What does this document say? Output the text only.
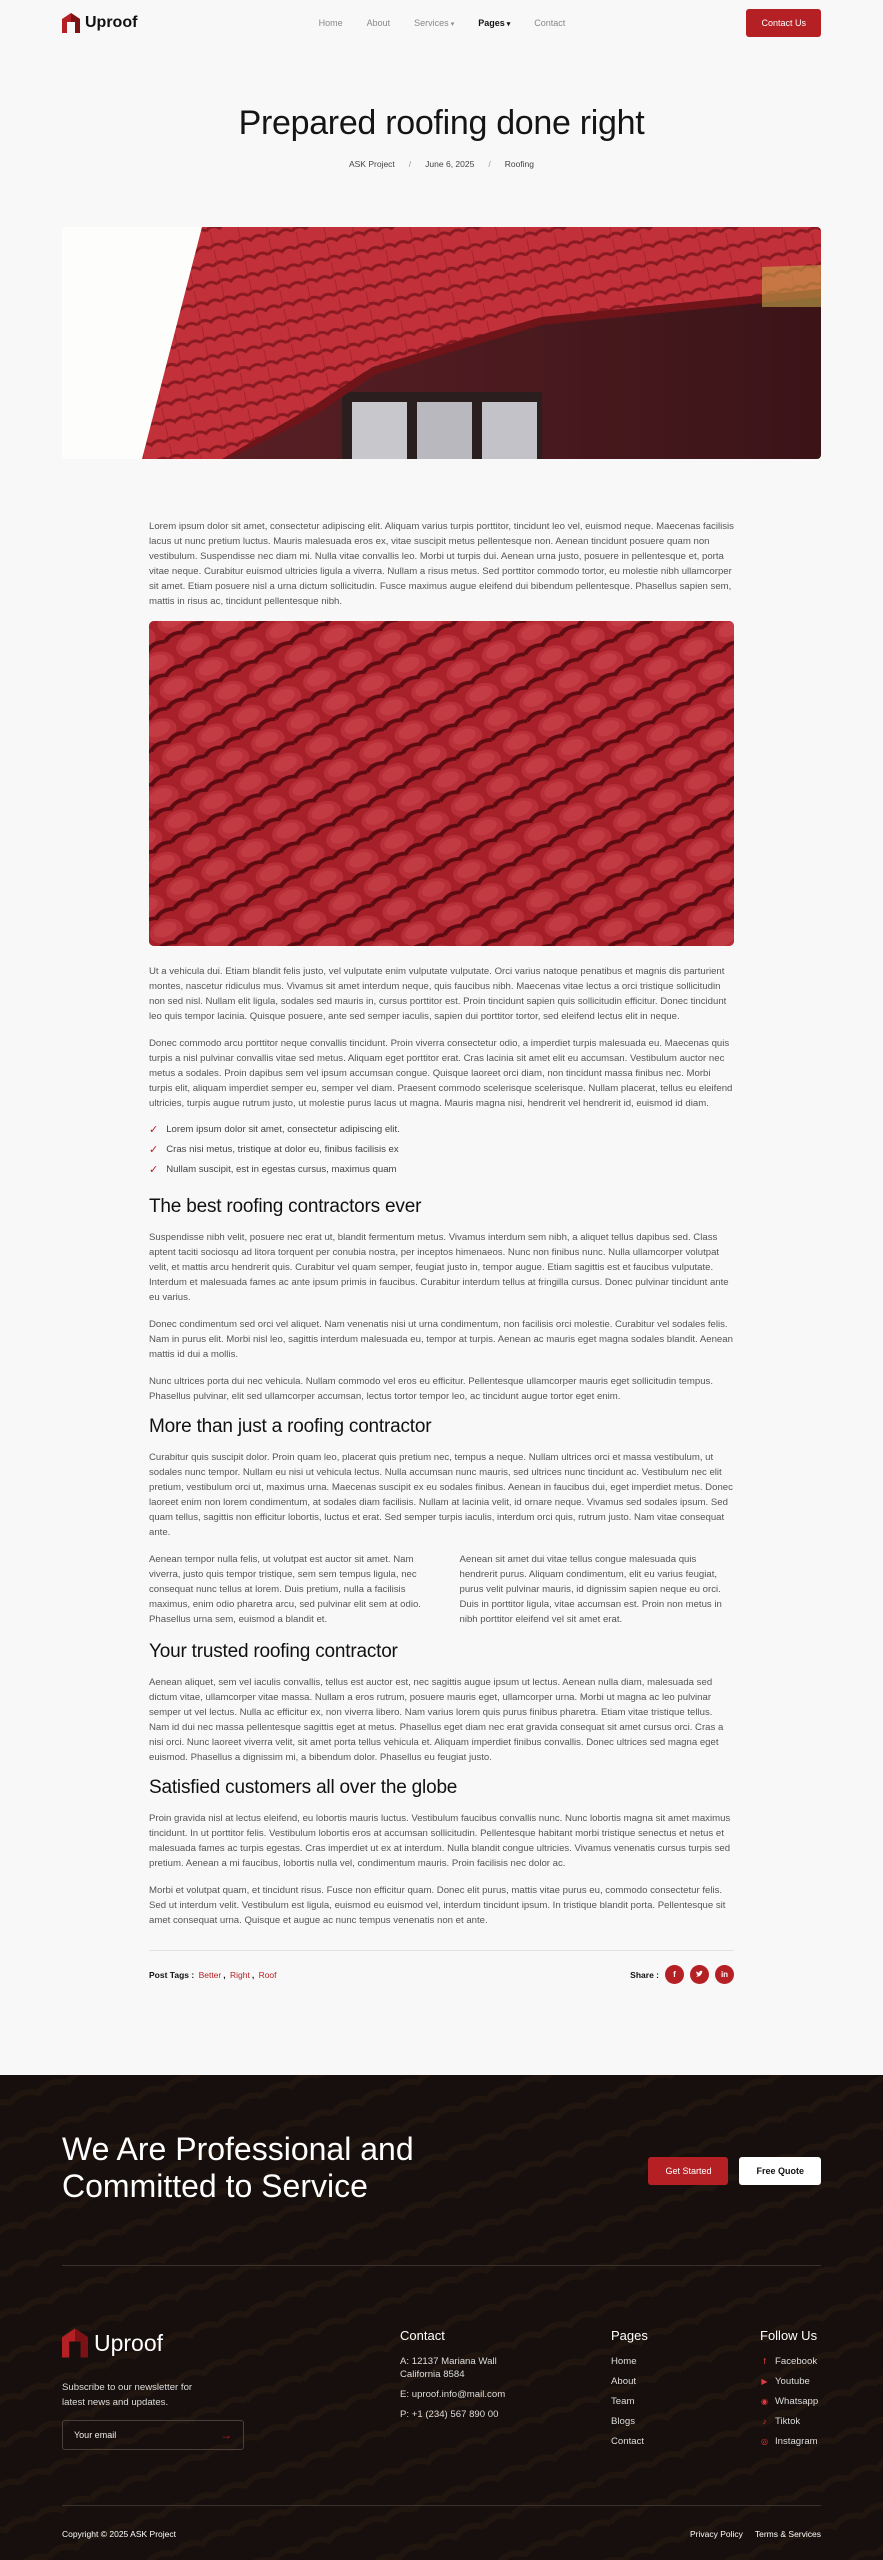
Uproof	Home	About	Services ▾	Pages ▾	Contact	Contact Us
Prepared roofing done right
ASK Project / June 6, 2025 / Roofing

Lorem ipsum dolor sit amet, consectetur adipiscing elit. Aliquam varius turpis porttitor, tincidunt leo vel, euismod neque. Maecenas facilisis lacus ut nunc pretium luctus. Mauris malesuada eros ex, vitae suscipit metus pellentesque non. Aenean tincidunt posuere quam non vestibulum. Suspendisse nec diam mi. Nulla vitae convallis leo. Morbi ut turpis dui. Aenean urna justo, posuere in pellentesque et, porta vitae neque. Curabitur euismod ultricies ligula a viverra. Nullam a risus metus. Sed porttitor commodo tortor, eu molestie nibh ullamcorper sit amet. Etiam posuere nisl a urna dictum sollicitudin. Fusce maximus augue eleifend dui bibendum pellentesque. Phasellus sapien sem, mattis in risus ac, tincidunt pellentesque nibh.

Ut a vehicula dui. Etiam blandit felis justo, vel vulputate enim vulputate vulputate. Orci varius natoque penatibus et magnis dis parturient montes, nascetur ridiculus mus. Vivamus sit amet interdum neque, quis faucibus nibh. Maecenas vitae lectus a orci tristique sollicitudin non sed nisl. Nullam elit ligula, sodales sed mauris in, cursus porttitor est. Proin tincidunt sapien quis sollicitudin efficitur. Donec tincidunt leo quis tempor lacinia. Quisque posuere, ante sed semper iaculis, sapien dui porttitor tortor, sed eleifend lectus elit in neque.

Donec commodo arcu porttitor neque convallis tincidunt. Proin viverra consectetur odio, a imperdiet turpis malesuada eu. Maecenas quis turpis a nisl pulvinar convallis vitae sed metus. Aliquam eget porttitor erat. Cras lacinia sit amet elit eu accumsan. Vestibulum auctor nec metus a sodales. Proin dapibus sem vel ipsum accumsan congue. Quisque laoreet orci diam, non tincidunt massa finibus nec. Morbi turpis elit, aliquam imperdiet semper eu, semper vel diam. Praesent commodo scelerisque scelerisque. Nullam placerat, tellus eu eleifend ultricies, turpis augue rutrum justo, ut molestie purus lacus ut magna. Mauris magna nisi, hendrerit vel hendrerit id, euismod id diam.

✓ Lorem ipsum dolor sit amet, consectetur adipiscing elit.
✓ Cras nisi metus, tristique at dolor eu, finibus facilisis ex
✓ Nullam suscipit, est in egestas cursus, maximus quam
The best roofing contractors ever

Suspendisse nibh velit, posuere nec erat ut, blandit fermentum metus. Vivamus interdum sem nibh, a aliquet tellus dapibus sed. Class aptent taciti sociosqu ad litora torquent per conubia nostra, per inceptos himenaeos. Nunc non finibus nunc. Nulla ullamcorper volutpat velit, et mattis arcu hendrerit quis. Curabitur vel quam semper, feugiat justo in, tempor augue. Etiam sagittis est et faucibus vulputate. Interdum et malesuada fames ac ante ipsum primis in faucibus. Curabitur interdum tellus at fringilla cursus. Donec pulvinar tincidunt ante eu varius.

Donec condimentum sed orci vel aliquet. Nam venenatis nisi ut urna condimentum, non facilisis orci molestie. Curabitur vel sodales felis. Nam in purus elit. Morbi nisl leo, sagittis interdum malesuada eu, tempor at turpis. Aenean ac mauris eget magna sodales blandit. Aenean mattis id dui a mollis.

Nunc ultrices porta dui nec vehicula. Nullam commodo vel eros eu efficitur. Pellentesque ullamcorper mauris eget sollicitudin tempus. Phasellus pulvinar, elit sed ullamcorper accumsan, lectus tortor tempor leo, ac tincidunt augue tortor eget enim.

More than just a roofing contractor

Curabitur quis suscipit dolor. Proin quam leo, placerat quis pretium nec, tempus a neque. Nullam ultrices orci et massa vestibulum, ut sodales nunc tempor. Nullam eu nisi ut vehicula lectus. Nulla accumsan nunc mauris, sed ultrices nunc tincidunt ac. Vestibulum nec elit pretium, vestibulum orci ut, maximus urna. Maecenas suscipit ex eu sodales finibus. Aenean in faucibus dui, eget imperdiet metus. Donec laoreet enim non lorem condimentum, at sodales diam facilisis. Nullam at lacinia velit, id ornare neque. Vivamus sed sodales ipsum. Sed quam tellus, sagittis non efficitur lobortis, luctus et erat. Sed semper turpis iaculis, interdum orci quis, rutrum justo. Nam vitae consequat ante.

Aenean tempor nulla felis, ut volutpat est auctor sit amet. Nam viverra, justo quis tempor tristique, sem sem tempus ligula, nec consequat nunc tellus at lorem. Duis pretium, nulla a facilisis maximus, enim odio pharetra arcu, sed pulvinar elit sem at odio. Phasellus urna sem, euismod a blandit et.

Aenean sit amet dui vitae tellus congue malesuada quis hendrerit purus. Aliquam condimentum, elit eu varius feugiat, purus velit pulvinar mauris, id dignissim sapien neque eu orci. Duis in porttitor ligula, vitae accumsan est. Proin non metus in nibh porttitor eleifend vel sit amet erat.

Your trusted roofing contractor

Aenean aliquet, sem vel iaculis convallis, tellus est auctor est, nec sagittis augue ipsum ut lectus. Aenean nulla diam, malesuada sed dictum vitae, ullamcorper vitae massa. Nullam a eros rutrum, posuere mauris eget, ullamcorper urna. Morbi ut magna ac leo pulvinar semper ut vel lectus. Nulla ac efficitur ex, non viverra libero. Nam varius lorem quis purus finibus pharetra. Etiam vitae tristique tellus. Nam id dui nec massa pellentesque sagittis eget at metus. Phasellus eget diam nec erat gravida consequat sit amet cursus orci. Cras a nisi orci. Nunc laoreet viverra velit, sit amet porta tellus vehicula et. Aliquam imperdiet finibus convallis. Donec ultrices sed magna eget euismod. Phasellus a dignissim mi, a bibendum dolor. Phasellus eu feugiat justo.

Satisfied customers all over the globe

Proin gravida nisl at lectus eleifend, eu lobortis mauris luctus. Vestibulum faucibus convallis nunc. Nunc lobortis magna sit amet maximus tincidunt. In ut porttitor felis. Vestibulum lobortis eros at accumsan sollicitudin. Pellentesque habitant morbi tristique senectus et netus et malesuada fames ac turpis egestas. Cras imperdiet ut ex at interdum. Nulla blandit congue ultricies. Vivamus venenatis cursus turpis sed pretium. Aenean a mi faucibus, lobortis nulla vel, condimentum mauris. Proin facilisis nec dolor ac.

Morbi et volutpat quam, et tincidunt risus. Fusce non efficitur quam. Donec elit purus, mattis vitae purus eu, commodo consectetur felis. Sed ut interdum velit. Vestibulum est ligula, euismod eu euismod vel, interdum tincidunt ipsum. In tristique blandit porta. Pellentesque sit amet consequat urna. Quisque et augue ac nunc tempus venenatis non et ante.

Post Tags : Better , Right , Roof	Share :	f	in
We Are Professional and
Committed to Service	Get Started	Free Quote
Uproof
Subscribe to our newsletter for
latest news and updates.
Your email	→
Contact
A: 12137 Mariana Wall
California 8584
E: uproof.info@mail.com
P: +1 (234) 567 890 00
Pages
Home
About
Team
Blogs
Contact
Follow Us
f Facebook
▶ Youtube
◉ Whatsapp
♪ Tiktok
◎ Instagram
Copyright © 2025 ASK Project	Privacy Policy Terms & Services
